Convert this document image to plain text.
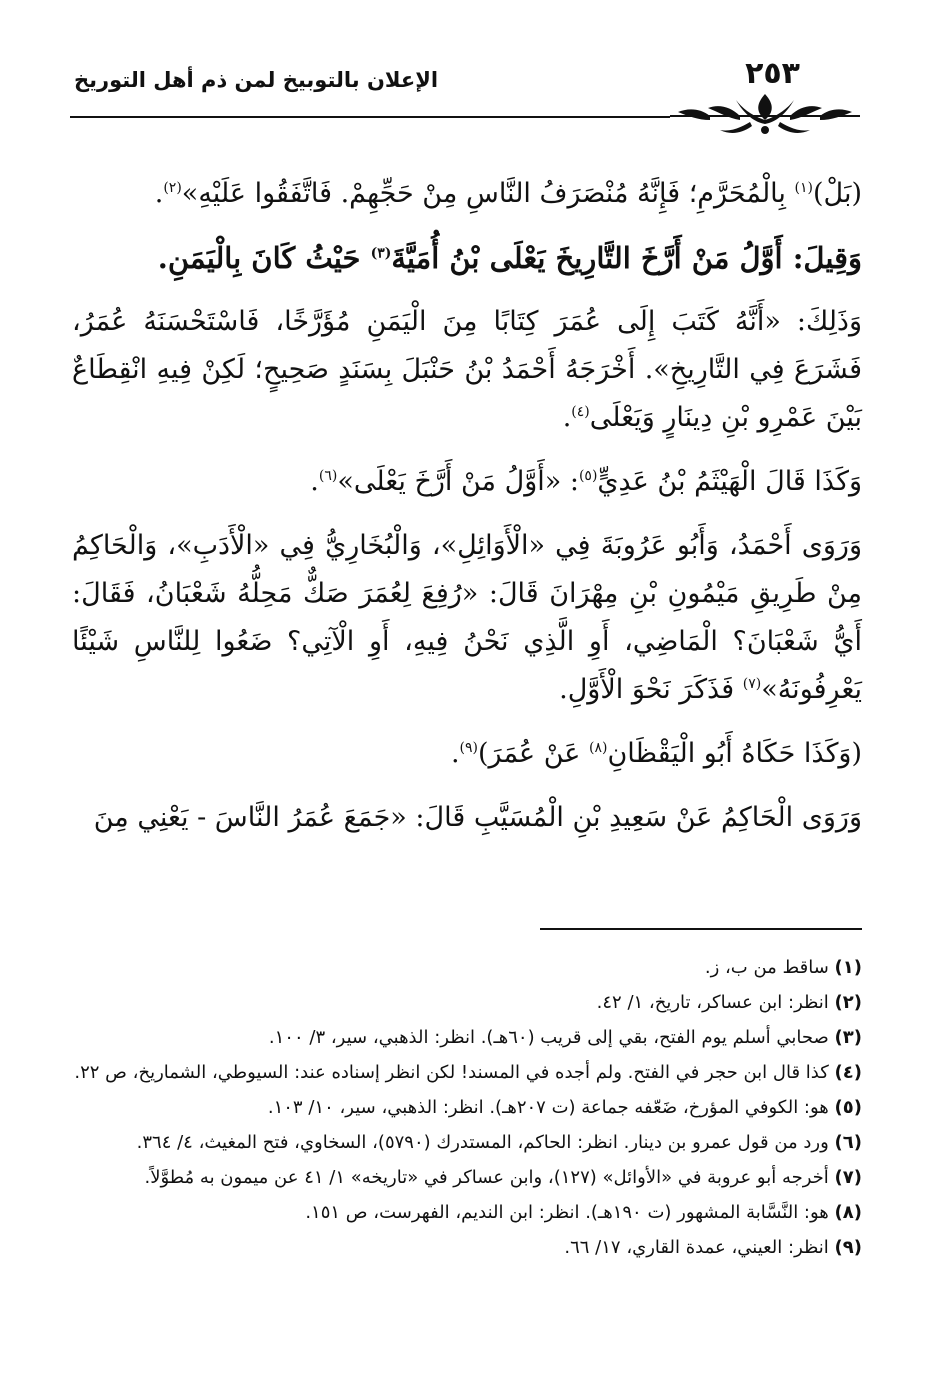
الإعلان بالتوبيخ لمن ذم أهل التوريخ	٢٥٣

(بَلْ)$^{(١)}$ بِالْمُحَرَّمِ؛ فَإِنَّهُ مُنْصَرَفُ النَّاسِ مِنْ حَجِّهِمْ. فَاتَّفَقُوا عَلَيْهِ»$^{(٢)}$.

وَقِيلَ: أَوَّلُ مَنْ أَرَّخَ التَّارِيخَ يَعْلَى بْنُ أُمَيَّةَ$^{(٣)}$ حَيْثُ كَانَ بِالْيَمَنِ.

وَذَلِكَ: «أَنَّهُ كَتَبَ إِلَى عُمَرَ كِتَابًا مِنَ الْيَمَنِ مُؤَرَّخًا، فَاسْتَحْسَنَهُ عُمَرُ، فَشَرَعَ فِي التَّارِيخِ». أَخْرَجَهُ أَحْمَدُ بْنُ حَنْبَلَ بِسَنَدٍ صَحِيحٍ؛ لَكِنْ فِيهِ انْقِطَاعٌ بَيْنَ عَمْرِو بْنِ دِينَارٍ وَيَعْلَى$^{(٤)}$.

وَكَذَا قَالَ الْهَيْثَمُ بْنُ عَدِيٍّ$^{(٥)}$: «أَوَّلُ مَنْ أَرَّخَ يَعْلَى»$^{(٦)}$.

وَرَوَى أَحْمَدُ، وَأَبُو عَرُوبَةَ فِي «الْأَوَائِلِ»، وَالْبُخَارِيُّ فِي «الْأَدَبِ»، وَالْحَاكِمُ مِنْ طَرِيقِ مَيْمُونِ بْنِ مِهْرَانَ قَالَ: «رُفِعَ لِعُمَرَ صَكٌّ مَحِلُّهُ شَعْبَانُ، فَقَالَ: أَيُّ شَعْبَانَ؟ الْمَاضِي، أَوِ الَّذِي نَحْنُ فِيهِ، أَوِ الْآتِي؟ ضَعُوا لِلنَّاسِ شَيْئًا يَعْرِفُونَهُ»$^{(٧)}$ فَذَكَرَ نَحْوَ الْأَوَّلِ.

(وَكَذَا حَكَاهُ أَبُو الْيَقْظَانِ$^{(٨)}$ عَنْ عُمَرَ)$^{(٩)}$.

وَرَوَى الْحَاكِمُ عَنْ سَعِيدِ بْنِ الْمُسَيَّبِ قَالَ: «جَمَعَ عُمَرُ النَّاسَ - يَعْنِي مِنَ

(١) ساقط من ب، ز.
(٢) انظر: ابن عساكر، تاريخ، ١/ ٤٢.
(٣) صحابي أسلم يوم الفتح، بقي إلى قريب (٦٠هـ). انظر: الذهبي، سير، ٣/ ١٠٠.
(٤) كذا قال ابن حجر في الفتح. ولم أجده في المسند! لكن انظر إسناده عند: السيوطي، الشماريخ، ص ٢٢.
(٥) هو: الكوفي المؤرخ، ضَعّفه جماعة (ت ٢٠٧هـ). انظر: الذهبي، سير، ١٠/ ١٠٣.
(٦) ورد من قول عمرو بن دينار. انظر: الحاكم، المستدرك (٥٧٩٠)، السخاوي، فتح المغيث، ٤/ ٣٦٤.
(٧) أخرجه أبو عروبة في «الأوائل» (١٢٧)، وابن عساكر في «تاريخه» ١/ ٤١ عن ميمون به مُطوَّلاً.
(٨) هو: النَّسَّابة المشهور (ت ١٩٠هـ). انظر: ابن النديم، الفهرست، ص ١٥١.
(٩) انظر: العيني، عمدة القاري، ١٧/ ٦٦.
